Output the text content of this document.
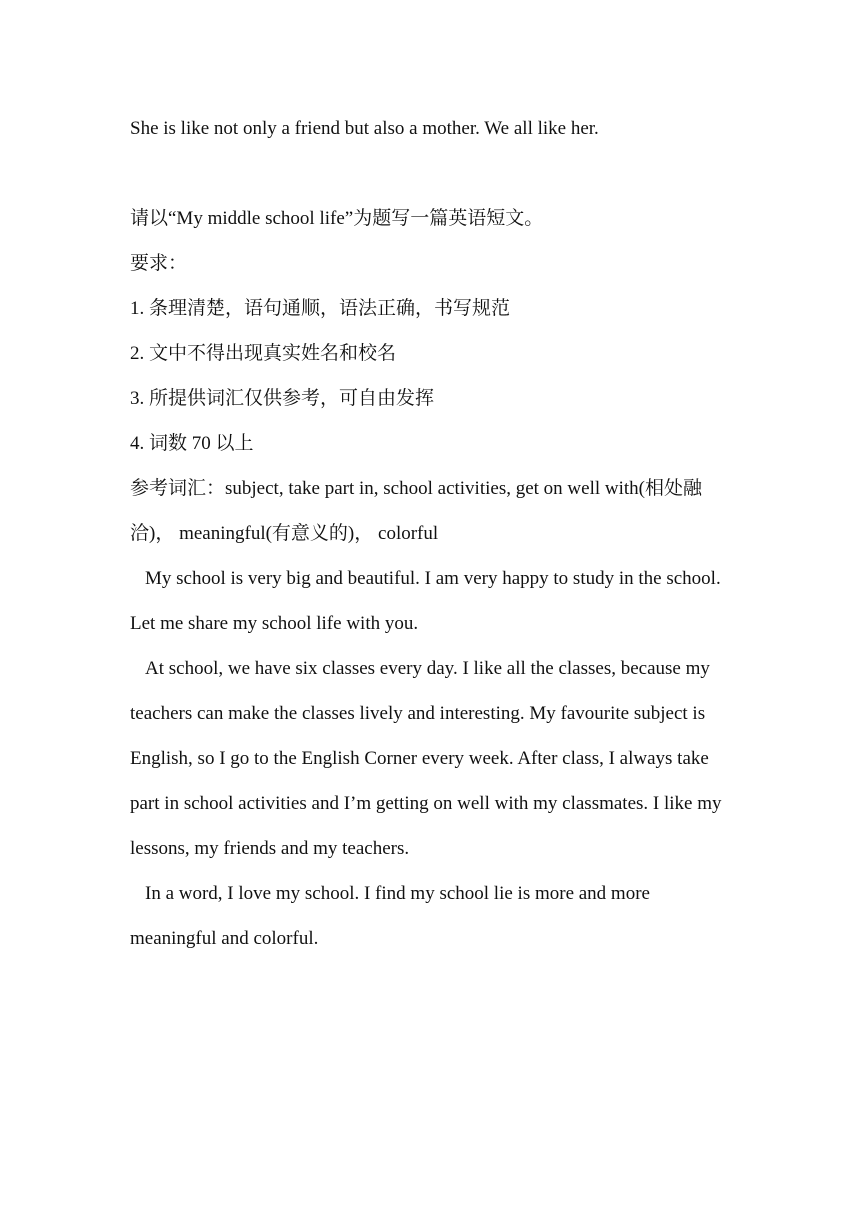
She is like not only a friend but also a mother. We all like her.

请以“My middle school life”为题写一篇英语短文。

要求：

1. 条理清楚，语句通顺，语法正确，书写规范

2. 文中不得出现真实姓名和校名

3. 所提供词汇仅供参考，可自由发挥

4. 词数 70 以上

参考词汇：subject, take part in, school activities, get on well with(相处融洽)， meaningful(有意义的)， colorful

My school is very big and beautiful. I am very happy to study in the school. Let me share my school life with you.

At school, we have six classes every day. I like all the classes, because my teachers can make the classes lively and interesting. My favourite subject is English, so I go to the English Corner every week. After class, I always take part in school activities and I’m getting on well with my classmates. I like my lessons, my friends and my teachers.

In a word, I love my school. I find my school lie is more and more meaningful and colorful.
